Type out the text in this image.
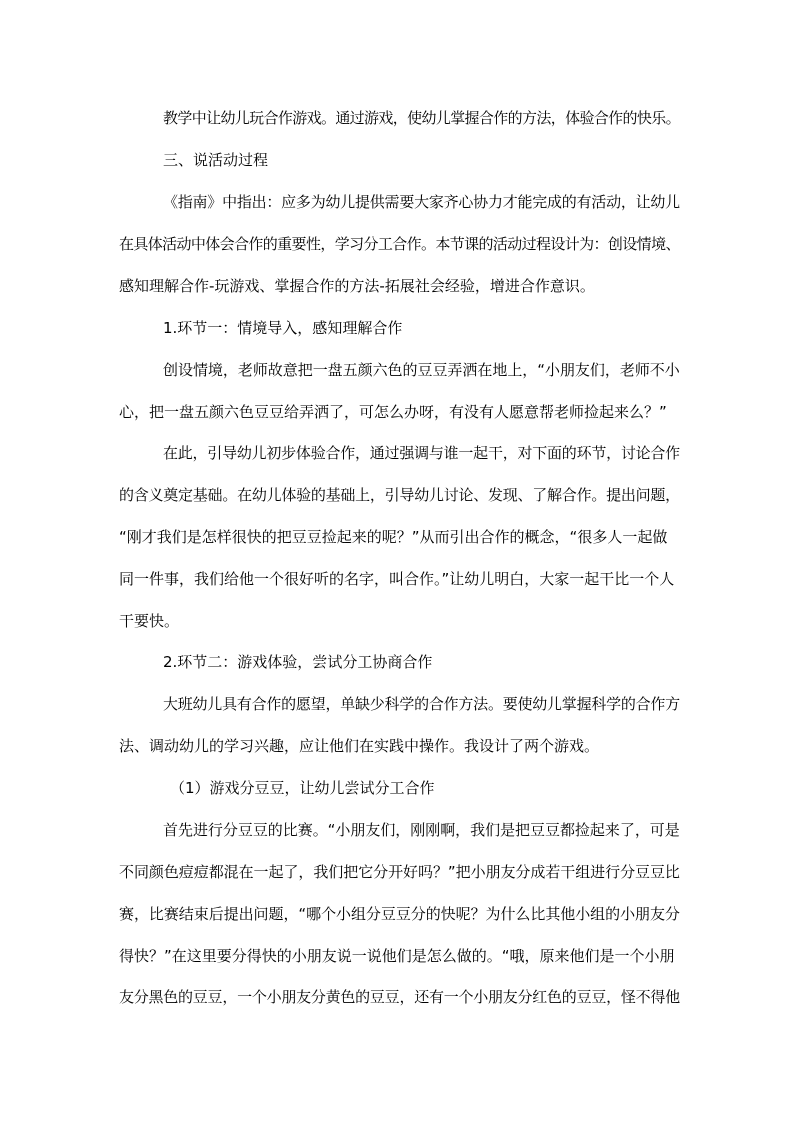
教学中让幼儿玩合作游戏。通过游戏，使幼儿掌握合作的方法，体验合作的快乐。
三、说活动过程
《指南》中指出：应多为幼儿提供需要大家齐心协力才能完成的有活动，让幼儿
在具体活动中体会合作的重要性，学习分工合作。本节课的活动过程设计为：创设情境、
感知理解合作-玩游戏、掌握合作的方法-拓展社会经验，增进合作意识。
1.环节一：情境导入，感知理解合作
创设情境，老师故意把一盘五颜六色的豆豆弄洒在地上，“小朋友们，老师不小
心，把一盘五颜六色豆豆给弄洒了，可怎么办呀，有没有人愿意帮老师捡起来么？”
在此，引导幼儿初步体验合作，通过强调与谁一起干，对下面的环节，讨论合作
的含义奠定基础。在幼儿体验的基础上，引导幼儿讨论、发现、了解合作。提出问题，
“刚才我们是怎样很快的把豆豆捡起来的呢？”从而引出合作的概念，“很多人一起做
同一件事，我们给他一个很好听的名字，叫合作。”让幼儿明白，大家一起干比一个人
干要快。
2.环节二：游戏体验，尝试分工协商合作
大班幼儿具有合作的愿望，单缺少科学的合作方法。要使幼儿掌握科学的合作方
法、调动幼儿的学习兴趣，应让他们在实践中操作。我设计了两个游戏。
（1）游戏分豆豆，让幼儿尝试分工合作
首先进行分豆豆的比赛。“小朋友们，刚刚啊，我们是把豆豆都捡起来了，可是
不同颜色痘痘都混在一起了，我们把它分开好吗？”把小朋友分成若干组进行分豆豆比
赛，比赛结束后提出问题，“哪个小组分豆豆分的快呢？为什么比其他小组的小朋友分
得快？”在这里要分得快的小朋友说一说他们是怎么做的。“哦，原来他们是一个小朋
友分黑色的豆豆，一个小朋友分黄色的豆豆，还有一个小朋友分红色的豆豆，怪不得他
